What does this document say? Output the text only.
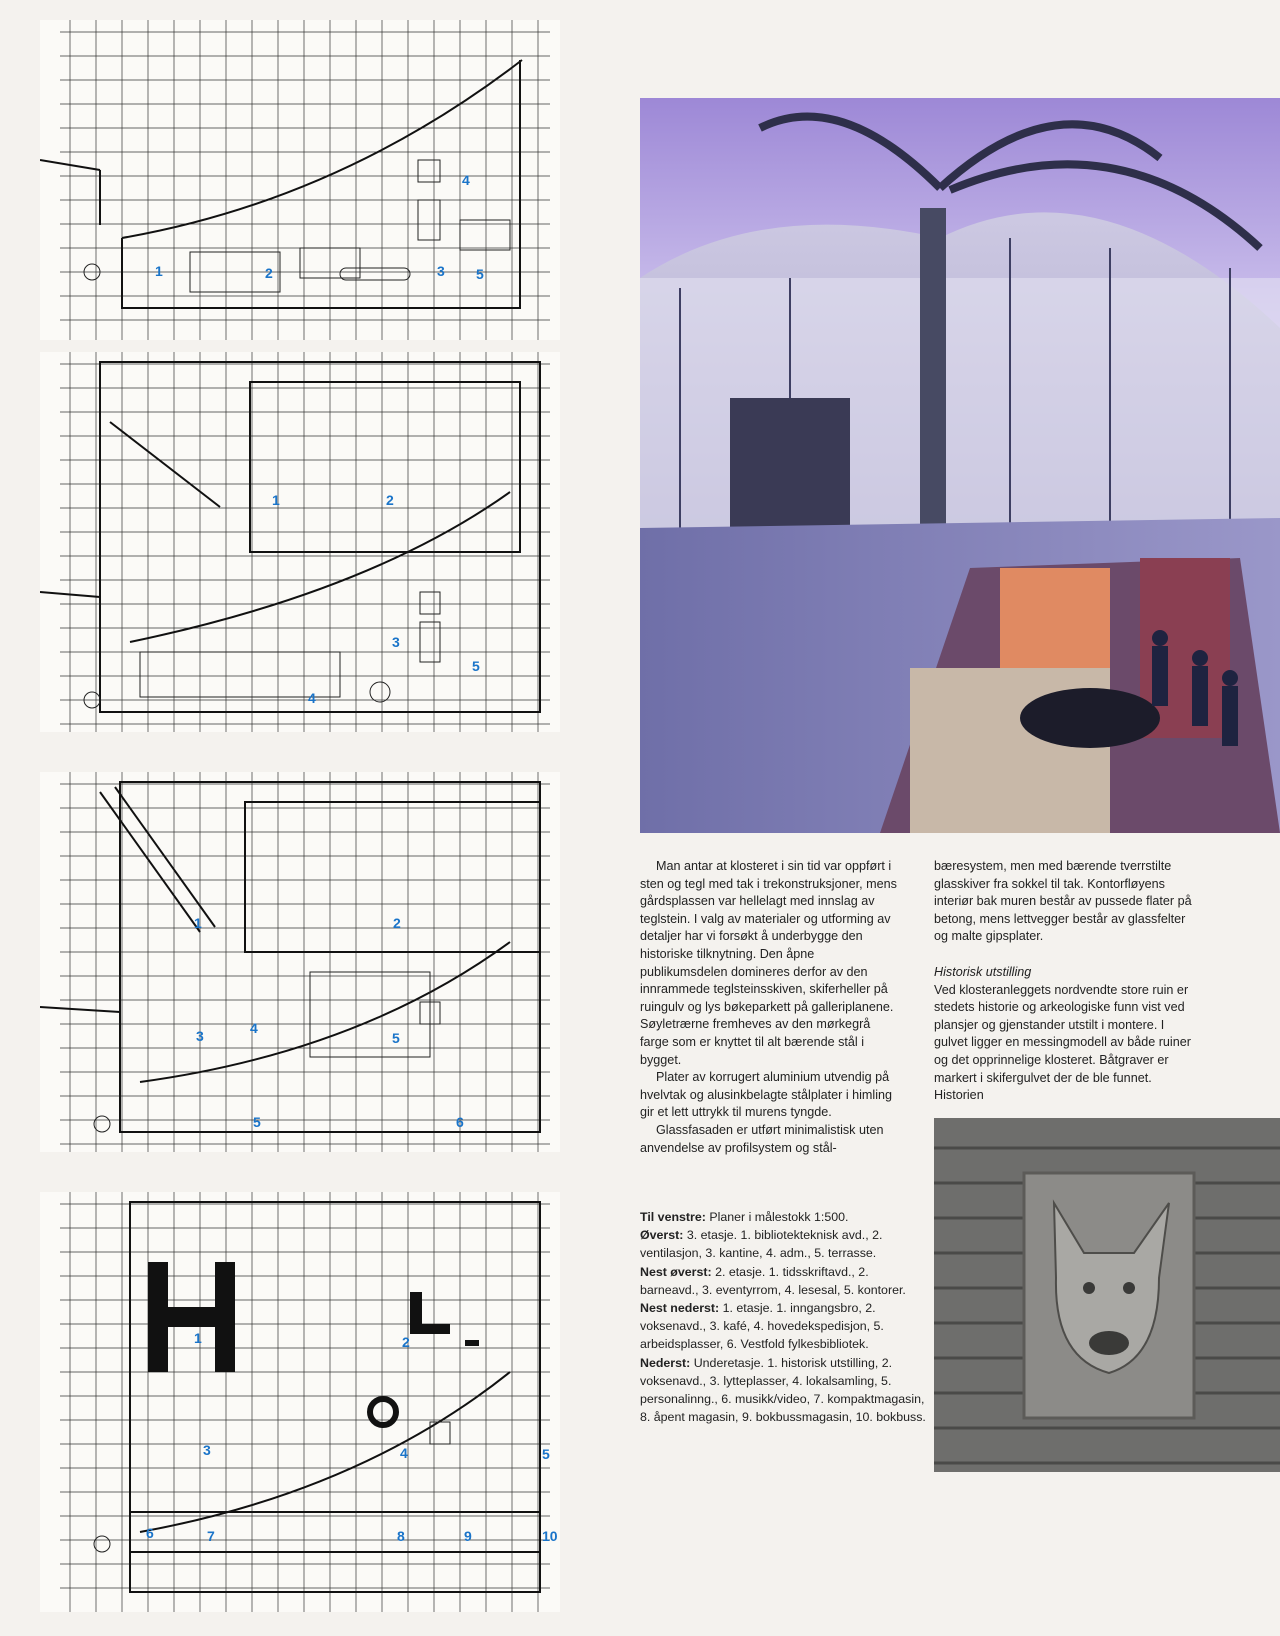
1	2	3
4
5
1	2
3
4
5
1	2
3	4
5
5	6
1	2
3	4	5
6	7	8	9	10

Man antar at klosteret i sin tid var oppført i sten og tegl med tak i trekonstruksjoner, mens gårdsplassen var hellelagt med innslag av teglstein. I valg av materialer og utforming av detaljer har vi forsøkt å underbygge den historiske tilknytning. Den åpne publikumsdelen domineres derfor av den innrammede teglsteinsskiven, skiferheller på ruingulv og lys bøkeparkett på galleriplanene. Søyletrærne fremheves av den mørkegrå farge som er knyttet til alt bærende stål i bygget.

Plater av korrugert aluminium utvendig på hvelvtak og alusinkbelagte stålplater i himling gir et lett uttrykk til murens tyngde.

Glassfasaden er utført minimalistisk uten anvendelse av profilsystem og stål-

bæresystem, men med bærende tverrstilte glasskiver fra sokkel til tak. Kontorfløyens interiør bak muren består av pussede flater på betong, mens lettvegger består av glassfelter og malte gipsplater.

Historisk utstilling

Ved klosteranleggets nordvendte store ruin er stedets historie og arkeologiske funn vist ved plansjer og gjenstander utstilt i montere. I gulvet ligger en messingmodell av både ruiner og det opprinnelige klosteret. Båtgraver er markert i skifergulvet der de ble funnet. Historien

Til venstre: Planer i målestokk 1:500.
Øverst: 3. etasje. 1. bibliotekteknisk avd., 2. ventilasjon, 3. kantine, 4. adm., 5. terrasse.
Nest øverst: 2. etasje. 1. tidsskriftavd., 2. barneavd., 3. eventyrrom, 4. lesesal, 5. kontorer.
Nest nederst: 1. etasje. 1. inngangsbro, 2. voksenavd., 3. kafé, 4. hovedekspedisjon, 5. arbeidsplasser, 6. Vestfold fylkesbibliotek.
Nederst: Underetasje. 1. historisk utstilling, 2. voksenavd., 3. lytteplasser, 4. lokalsamling, 5. personalinng., 6. musikk/video, 7. kompaktmagasin, 8. åpent magasin, 9. bokbussmagasin, 10. bokbuss.
